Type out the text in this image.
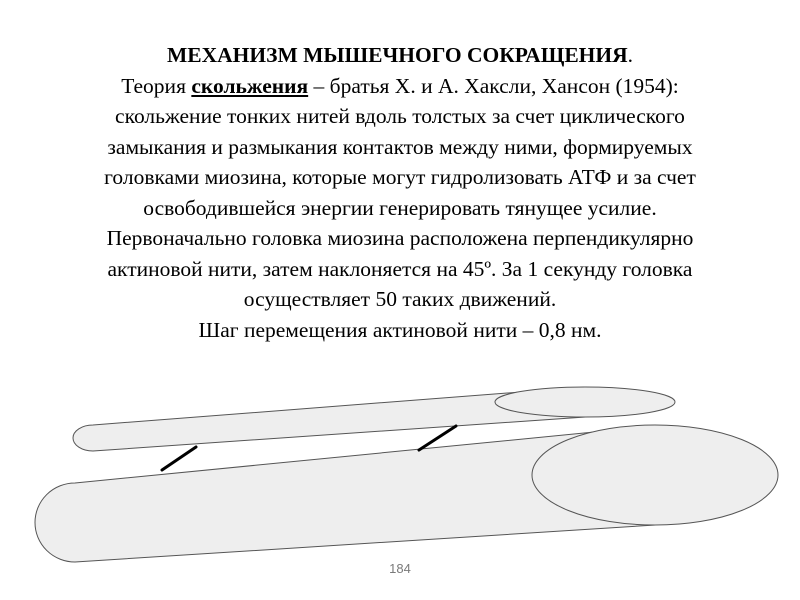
МЕХАНИЗМ МЫШЕЧНОГО СОКРАЩЕНИЯ.
Теория скольжения – братья Х. и А. Хаксли, Хансон (1954):
скольжение тонких нитей вдоль толстых за счет циклического
замыкания и размыкания контактов между ними, формируемых
головками миозина, которые могут гидролизовать АТФ и за счет
освободившейся энергии генерировать тянущее усилие.
Первоначально головка миозина расположена перпендикулярно
актиновой нити, затем наклоняется на 45º. За 1 секунду головка
осуществляет 50 таких движений.
Шаг перемещения актиновой нити – 0,8 нм.
184
